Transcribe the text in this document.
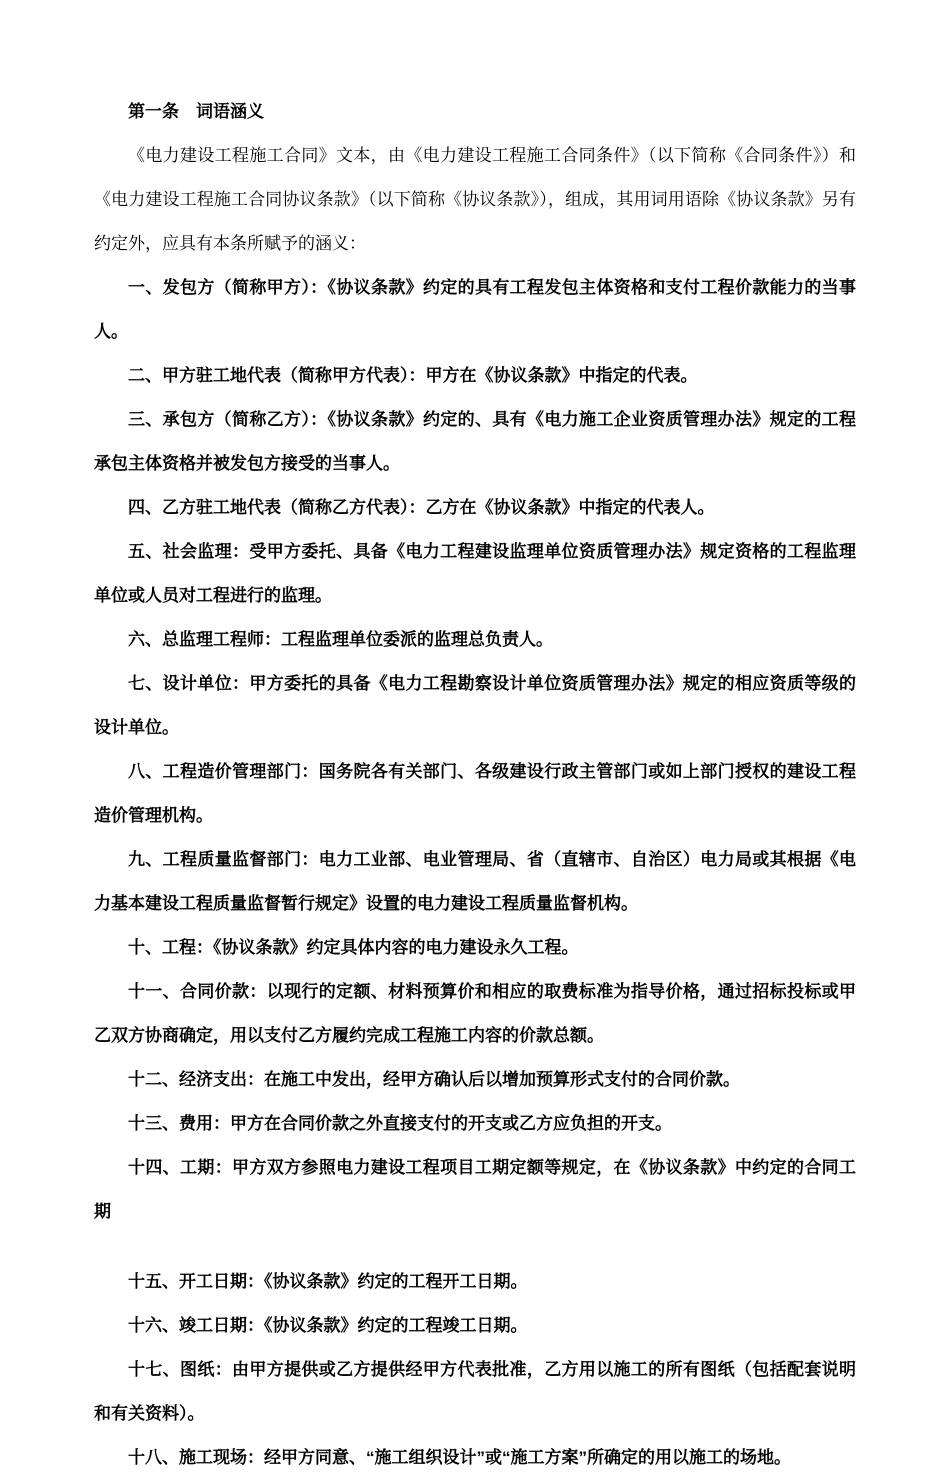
第一条　词语涵义

《电力建设工程施工合同》文本，由《电力建设工程施工合同条件》（以下简称《合同条件》）和《电力建设工程施工合同协议条款》（以下简称《协议条款》），组成，其用词用语除《协议条款》另有约定外，应具有本条所赋予的涵义：

一、发包方（简称甲方）：《协议条款》约定的具有工程发包主体资格和支付工程价款能力的当事人。

二、甲方驻工地代表（简称甲方代表）：甲方在《协议条款》中指定的代表。

三、承包方（简称乙方）：《协议条款》约定的、具有《电力施工企业资质管理办法》规定的工程承包主体资格并被发包方接受的当事人。

四、乙方驻工地代表（简称乙方代表）：乙方在《协议条款》中指定的代表人。

五、社会监理：受甲方委托、具备《电力工程建设监理单位资质管理办法》规定资格的工程监理单位或人员对工程进行的监理。

六、总监理工程师：工程监理单位委派的监理总负责人。

七、设计单位：甲方委托的具备《电力工程勘察设计单位资质管理办法》规定的相应资质等级的设计单位。

八、工程造价管理部门：国务院各有关部门、各级建设行政主管部门或如上部门授权的建设工程造价管理机构。

九、工程质量监督部门：电力工业部、电业管理局、省（直辖市、自治区）电力局或其根据《电力基本建设工程质量监督暂行规定》设置的电力建设工程质量监督机构。

十、工程：《协议条款》约定具体内容的电力建设永久工程。

十一、合同价款：以现行的定额、材料预算价和相应的取费标准为指导价格，通过招标投标或甲乙双方协商确定，用以支付乙方履约完成工程施工内容的价款总额。

十二、经济支出：在施工中发出，经甲方确认后以增加预算形式支付的合同价款。

十三、费用：甲方在合同价款之外直接支付的开支或乙方应负担的开支。

十四、工期：甲方双方参照电力建设工程项目工期定额等规定，在《协议条款》中约定的合同工期

十五、开工日期：《协议条款》约定的工程开工日期。

十六、竣工日期：《协议条款》约定的工程竣工日期。

十七、图纸：由甲方提供或乙方提供经甲方代表批准，乙方用以施工的所有图纸（包括配套说明和有关资料）。

十八、施工现场：经甲方同意、“施工组织设计”或“施工方案”所确定的用以施工的场地。
